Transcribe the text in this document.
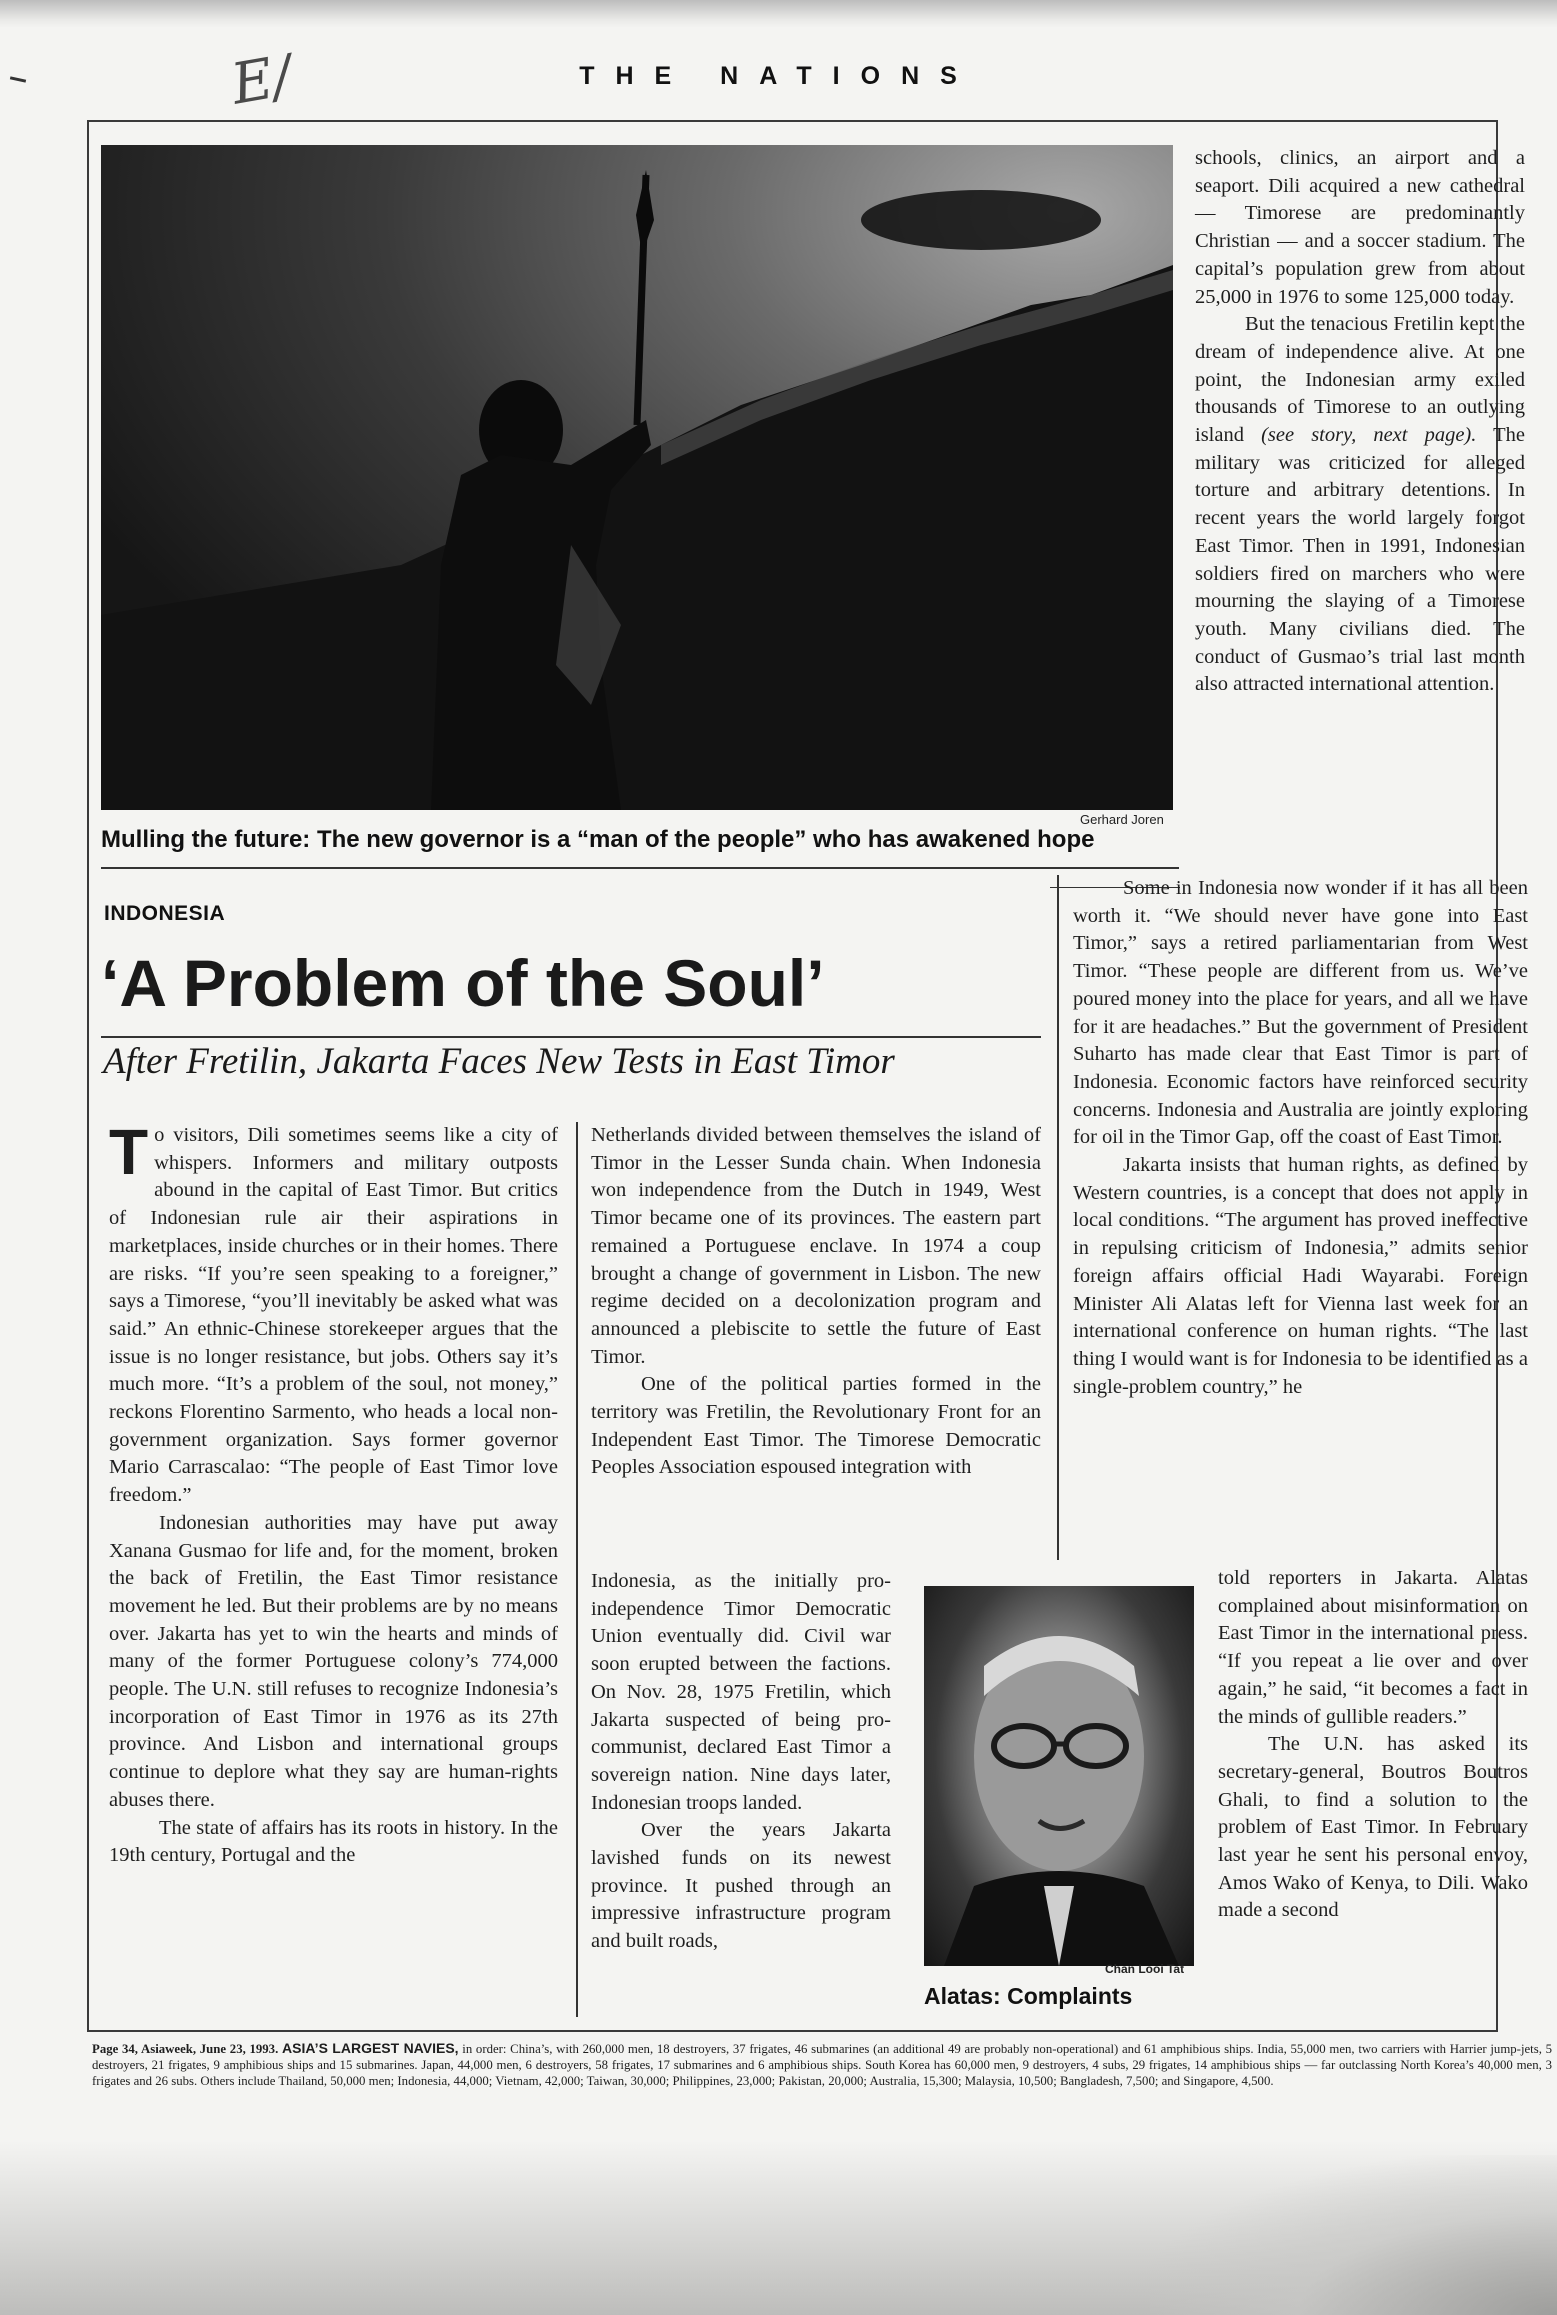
E/	THE NATIONS
Gerhard Joren
Mulling the future: The new governor is a “man of the people” who has awakened hope
INDONESIA
‘A Problem of the Soul’
After Fretilin, Jakarta Faces New Tests in East Timor

To visitors, Dili sometimes seems like a city of whispers. Informers and military outposts abound in the capital of East Timor. But critics of Indonesian rule air their aspirations in marketplaces, inside churches or in their homes. There are risks. “If you’re seen speaking to a foreigner,” says a Timorese, “you’ll inevitably be asked what was said.” An ethnic-Chinese storekeeper argues that the issue is no longer resistance, but jobs. Others say it’s much more. “It’s a problem of the soul, not money,” reckons Florentino Sarmento, who heads a local non-government organization. Says former governor Mario Carrascalao: “The people of East Timor love freedom.”

Indonesian authorities may have put away Xanana Gusmao for life and, for the moment, broken the back of Fretilin, the East Timor resistance movement he led. But their problems are by no means over. Jakarta has yet to win the hearts and minds of many of the former Portuguese colony’s 774,000 people. The U.N. still refuses to recognize Indonesia’s incorporation of East Timor in 1976 as its 27th province. And Lisbon and international groups continue to deplore what they say are human-rights abuses there.

The state of affairs has its roots in history. In the 19th century, Portugal and the

Netherlands divided between themselves the island of Timor in the Lesser Sunda chain. When Indonesia won independence from the Dutch in 1949, West Timor became one of its provinces. The eastern part remained a Portuguese enclave. In 1974 a coup brought a change of government in Lisbon. The new regime decided on a decolonization program and announced a plebiscite to settle the future of East Timor.

One of the political parties formed in the territory was Fretilin, the Revolutionary Front for an Independent East Timor. The Timorese Democratic Peoples Association espoused integration with

Indonesia, as the initially pro-independence Timor Democratic Union eventually did. Civil war soon erupted between the factions. On Nov. 28, 1975 Fretilin, which Jakarta suspected of being pro-communist, declared East Timor a sovereign nation. Nine days later, Indonesian troops landed.

Over the years Jakarta lavished funds on its newest province. It pushed through an impressive infrastructure program and built roads,

schools, clinics, an airport and a seaport. Dili acquired a new cathedral — Timorese are predominantly Christian — and a soccer stadium. The capital’s population grew from about 25,000 in 1976 to some 125,000 today.

But the tenacious Fretilin kept the dream of independence alive. At one point, the Indonesian army exiled thousands of Timorese to an outlying island (see story, next page). The military was criticized for alleged torture and arbitrary detentions. In recent years the world largely forgot East Timor. Then in 1991, Indonesian soldiers fired on marchers who were mourning the slaying of a Timorese youth. Many civilians died. The conduct of Gusmao’s trial last month also attracted international attention.

Some in Indonesia now wonder if it has all been worth it. “We should never have gone into East Timor,” says a retired parliamentarian from West Timor. “These people are different from us. We’ve poured money into the place for years, and all we have for it are headaches.” But the government of President Suharto has made clear that East Timor is part of Indonesia. Economic factors have reinforced security concerns. Indonesia and Australia are jointly exploring for oil in the Timor Gap, off the coast of East Timor.

Jakarta insists that human rights, as defined by Western countries, is a concept that does not apply in local conditions. “The argument has proved ineffective in repulsing criticism of Indonesia,” admits senior foreign affairs official Hadi Wayarabi. Foreign Minister Ali Alatas left for Vienna last week for an international conference on human rights. “The last thing I would want is for Indonesia to be identified as a single-problem country,” he

told reporters in Jakarta. Alatas complained about misinformation on East Timor in the international press. “If you repeat a lie over and over again,” he said, “it becomes a fact in the minds of gullible readers.”

The U.N. has asked its secretary-general, Boutros Boutros Ghali, to find a solution to the problem of East Timor. In February last year he sent his personal envoy, Amos Wako of Kenya, to Dili. Wako made a second

Chan Looi Tat
Alatas: Complaints
Page 34, Asiaweek, June 23, 1993. ASIA’S LARGEST NAVIES, in order: China’s, with 260,000 men, 18 destroyers, 37 frigates, 46 submarines (an additional 49 are probably non-operational) and 61 amphibious ships. India, 55,000 men, two carriers with Harrier jump-jets, 5 destroyers, 21 frigates, 9 amphibious ships and 15 submarines. Japan, 44,000 men, 6 destroyers, 58 frigates, 17 submarines and 6 amphibious ships. South Korea has 60,000 men, 9 destroyers, 4 subs, 29 frigates, 14 amphibious ships — far outclassing North Korea’s 40,000 men, 3 frigates and 26 subs. Others include Thailand, 50,000 men; Indonesia, 44,000; Vietnam, 42,000; Taiwan, 30,000; Philippines, 23,000; Pakistan, 20,000; Australia, 15,300; Malaysia, 10,500; Bangladesh, 7,500; and Singapore, 4,500.
